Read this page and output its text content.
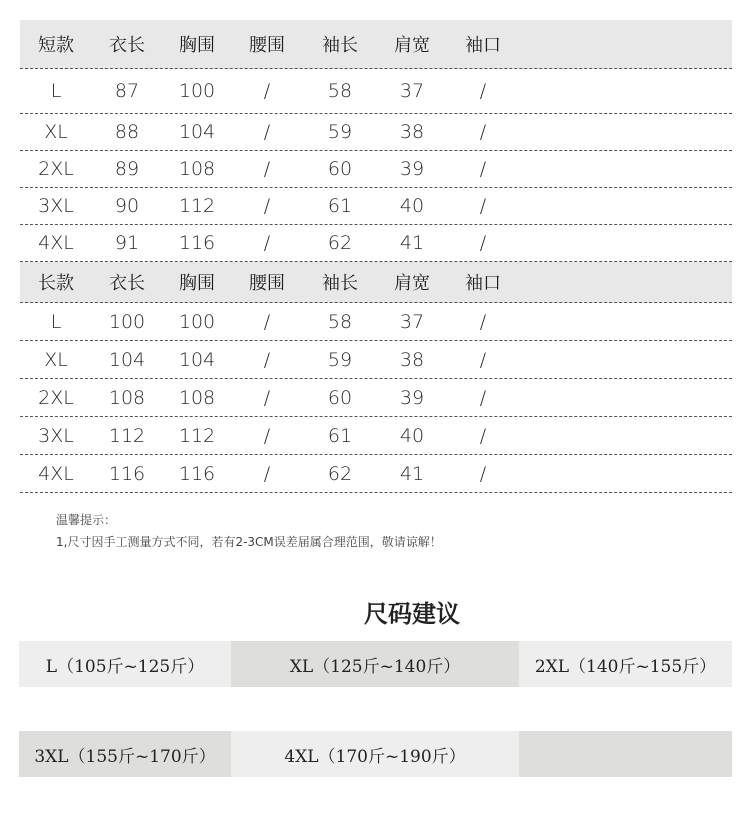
短款	衣长	胸围	腰围	袖长	肩宽	袖口
L	87	100	/	58	37	/
XL	88	104	/	59	38	/
2XL	89	108	/	60	39	/
3XL	90	112	/	61	40	/
4XL	91	116	/	62	41	/
长款	衣长	胸围	腰围	袖长	肩宽	袖口
L	100	100	/	58	37	/
XL	104	104	/	59	38	/
2XL	108	108	/	60	39	/
3XL	112	112	/	61	40	/
4XL	116	116	/	62	41	/
温馨提示：
1,尺寸因手工测量方式不同，若有2-3CM误差届属合理范围，敬请谅解！
尺码建议
L（105斤~125斤）	XL（125斤~140斤）	2XL（140斤~155斤）
3XL（155斤~170斤）	4XL（170斤~190斤）
